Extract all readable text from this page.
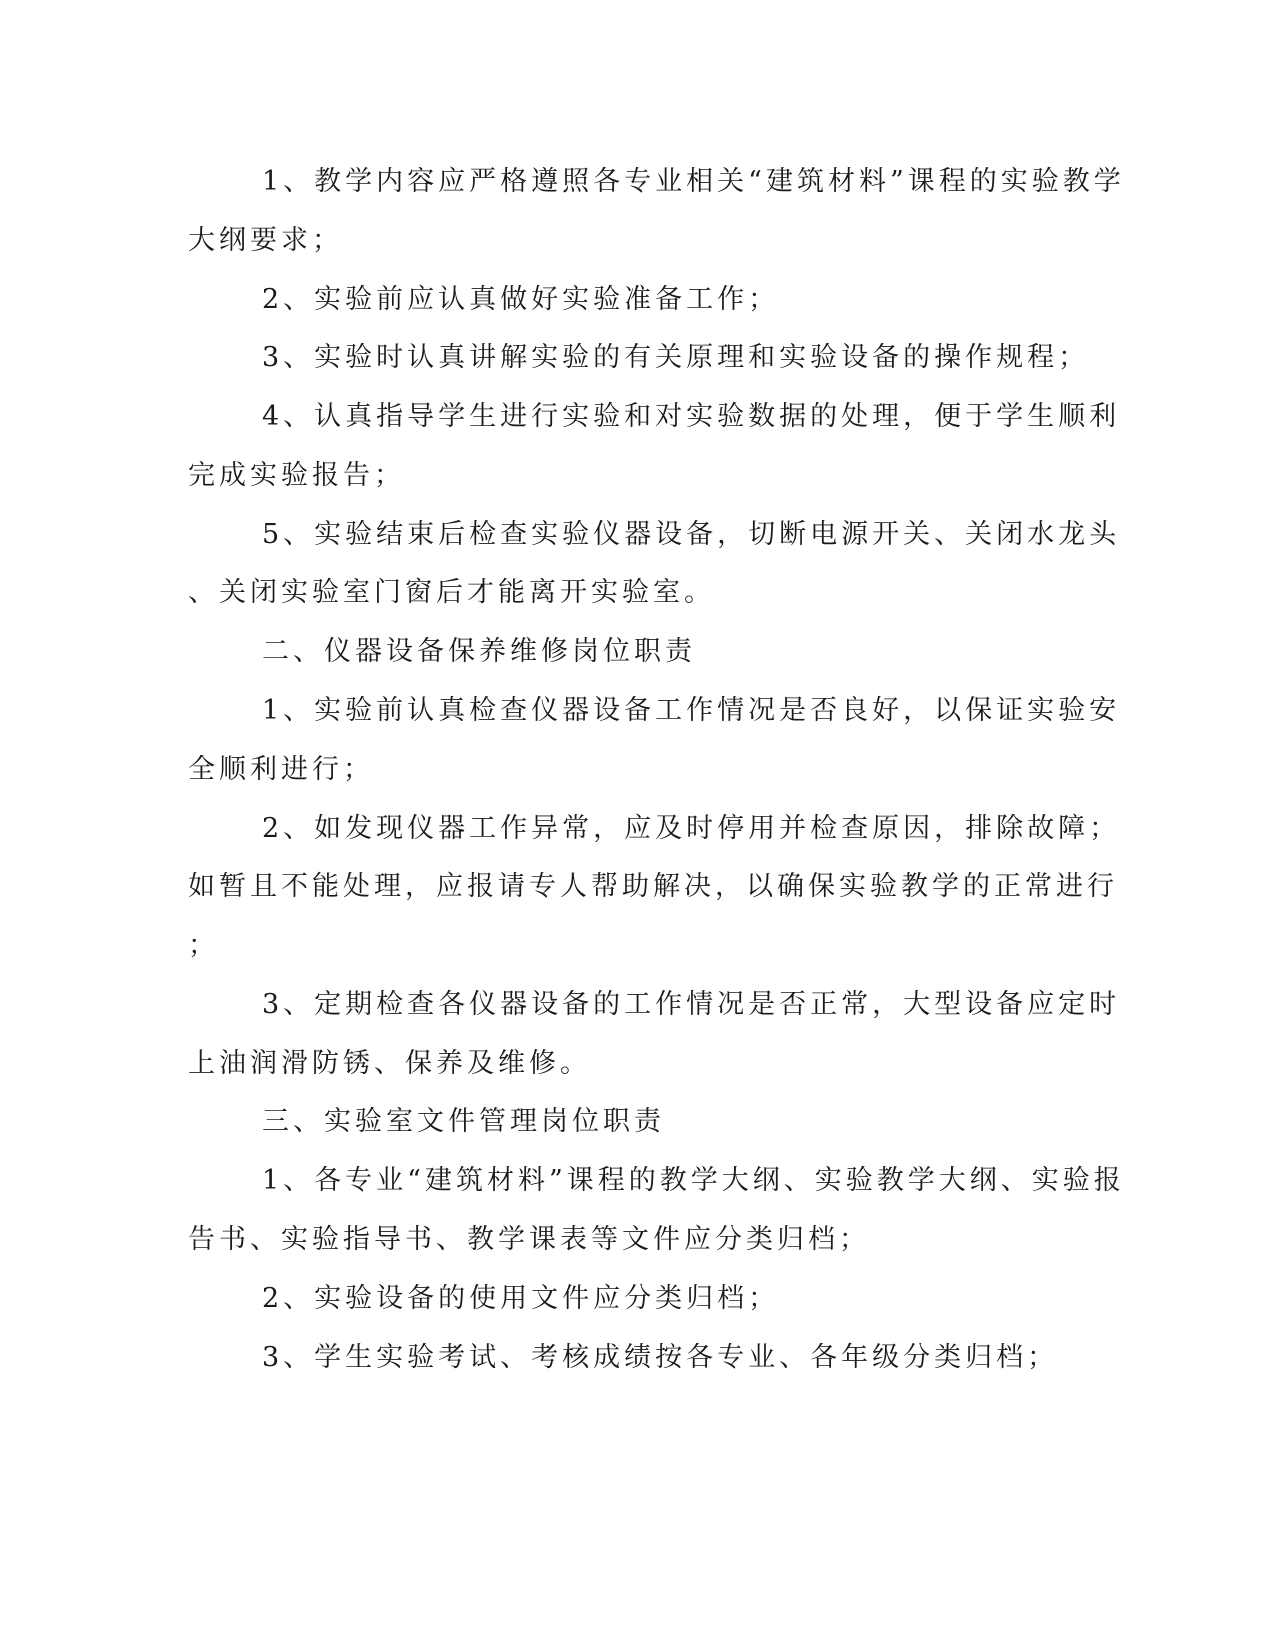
1、教学内容应严格遵照各专业相关“建筑材料”课程的实验教学
大纲要求；
2、实验前应认真做好实验准备工作；
3、实验时认真讲解实验的有关原理和实验设备的操作规程；
4、认真指导学生进行实验和对实验数据的处理，便于学生顺利
完成实验报告；
5、实验结束后检查实验仪器设备，切断电源开关、关闭水龙头
、关闭实验室门窗后才能离开实验室。
二、仪器设备保养维修岗位职责
1、实验前认真检查仪器设备工作情况是否良好，以保证实验安
全顺利进行；
2、如发现仪器工作异常，应及时停用并检查原因，排除故障；
如暂且不能处理，应报请专人帮助解决，以确保实验教学的正常进行
；
3、定期检查各仪器设备的工作情况是否正常，大型设备应定时
上油润滑防锈、保养及维修。
三、实验室文件管理岗位职责
1、各专业“建筑材料”课程的教学大纲、实验教学大纲、实验报
告书、实验指导书、教学课表等文件应分类归档；
2、实验设备的使用文件应分类归档；
3、学生实验考试、考核成绩按各专业、各年级分类归档；
